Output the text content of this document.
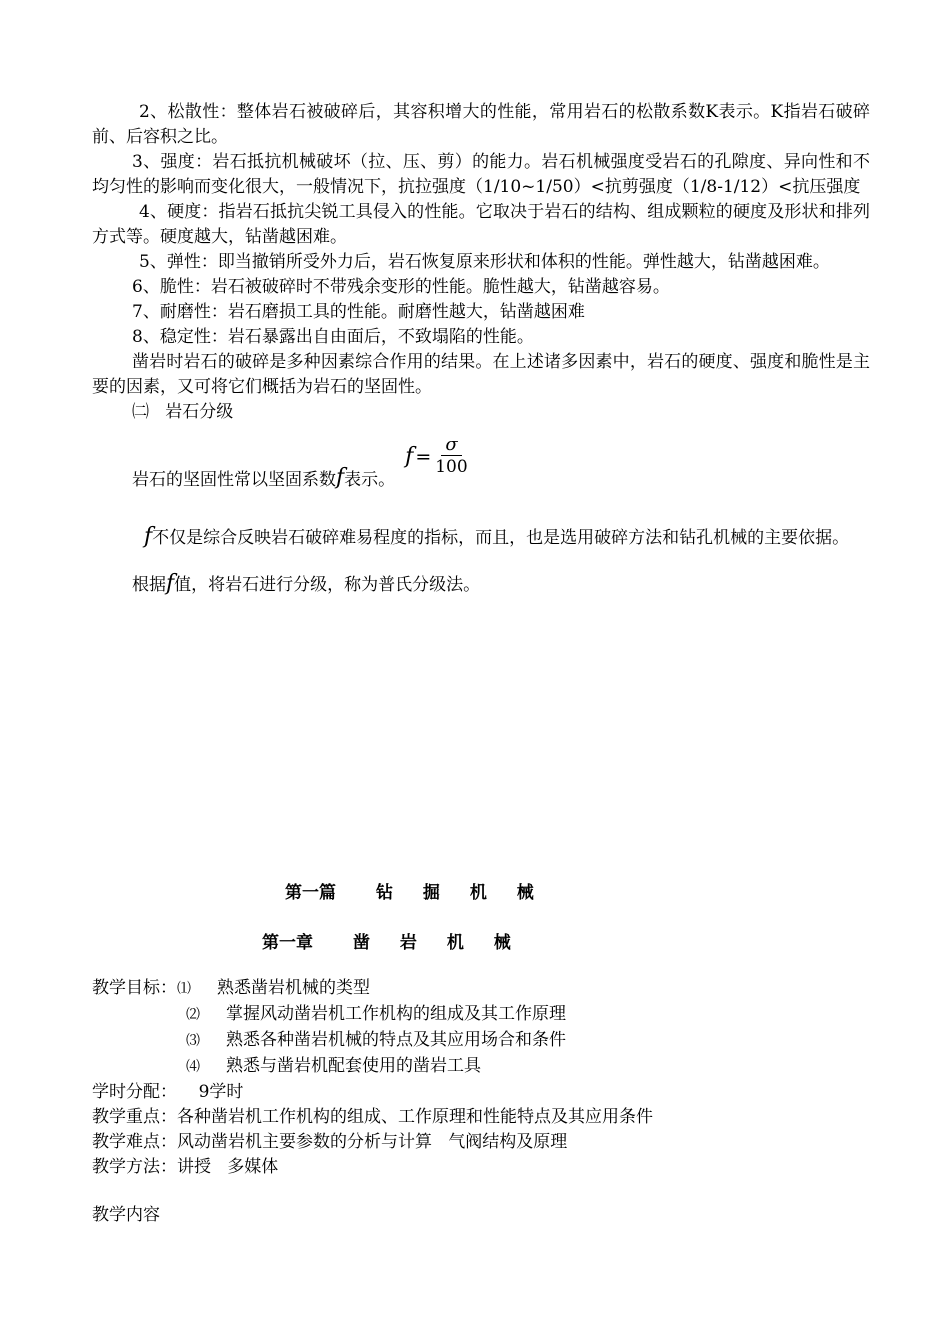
2、松散性：整体岩石被破碎后，其容积增大的性能，常用岩石的松散系数K表示。K指岩石破碎前、后容积之比。

3、强度：岩石抵抗机械破坏（拉、压、剪）的能力。岩石机械强度受岩石的孔隙度、异向性和不均匀性的影响而变化很大，一般情况下，抗拉强度（1/10~1/50）<抗剪强度（1/8-1/12）<抗压强度

4、硬度：指岩石抵抗尖锐工具侵入的性能。它取决于岩石的结构、组成颗粒的硬度及形状和排列方式等。硬度越大，钻凿越困难。

5、弹性：即当撤销所受外力后，岩石恢复原来形状和体积的性能。弹性越大，钻凿越困难。

6、脆性：岩石被破碎时不带残余变形的性能。脆性越大，钻凿越容易。

7、耐磨性：岩石磨损工具的性能。耐磨性越大，钻凿越困难

8、稳定性：岩石暴露出自由面后，不致塌陷的性能。

凿岩时岩石的破碎是多种因素综合作用的结果。在上述诸多因素中，岩石的硬度、强度和脆性是主要的因素，又可将它们概括为岩石的坚固性。

㈡ 岩石分级

岩石的坚固性常以坚固系数 f 表示。
$f = \frac{\sigma}{100}$

f不仅是综合反映岩石破碎难易程度的指标，而且，也是选用破碎方法和钻孔机械的主要依据。

根据f值，将岩石进行分级，称为普氏分级法。

第一篇 钻 掘 机 械
第一章 凿 岩 机 械

教学目标：⑴ 熟悉凿岩机械的类型

⑵ 掌握风动凿岩机工作机构的组成及其工作原理

⑶ 熟悉各种凿岩机械的特点及其应用场合和条件

⑷ 熟悉与凿岩机配套使用的凿岩工具

学时分配：    9学时

教学重点：各种凿岩机工作机构的组成、工作原理和性能特点及其应用条件

教学难点：风动凿岩机主要参数的分析与计算   气阀结构及原理

教学方法：讲授   多媒体

教学内容
